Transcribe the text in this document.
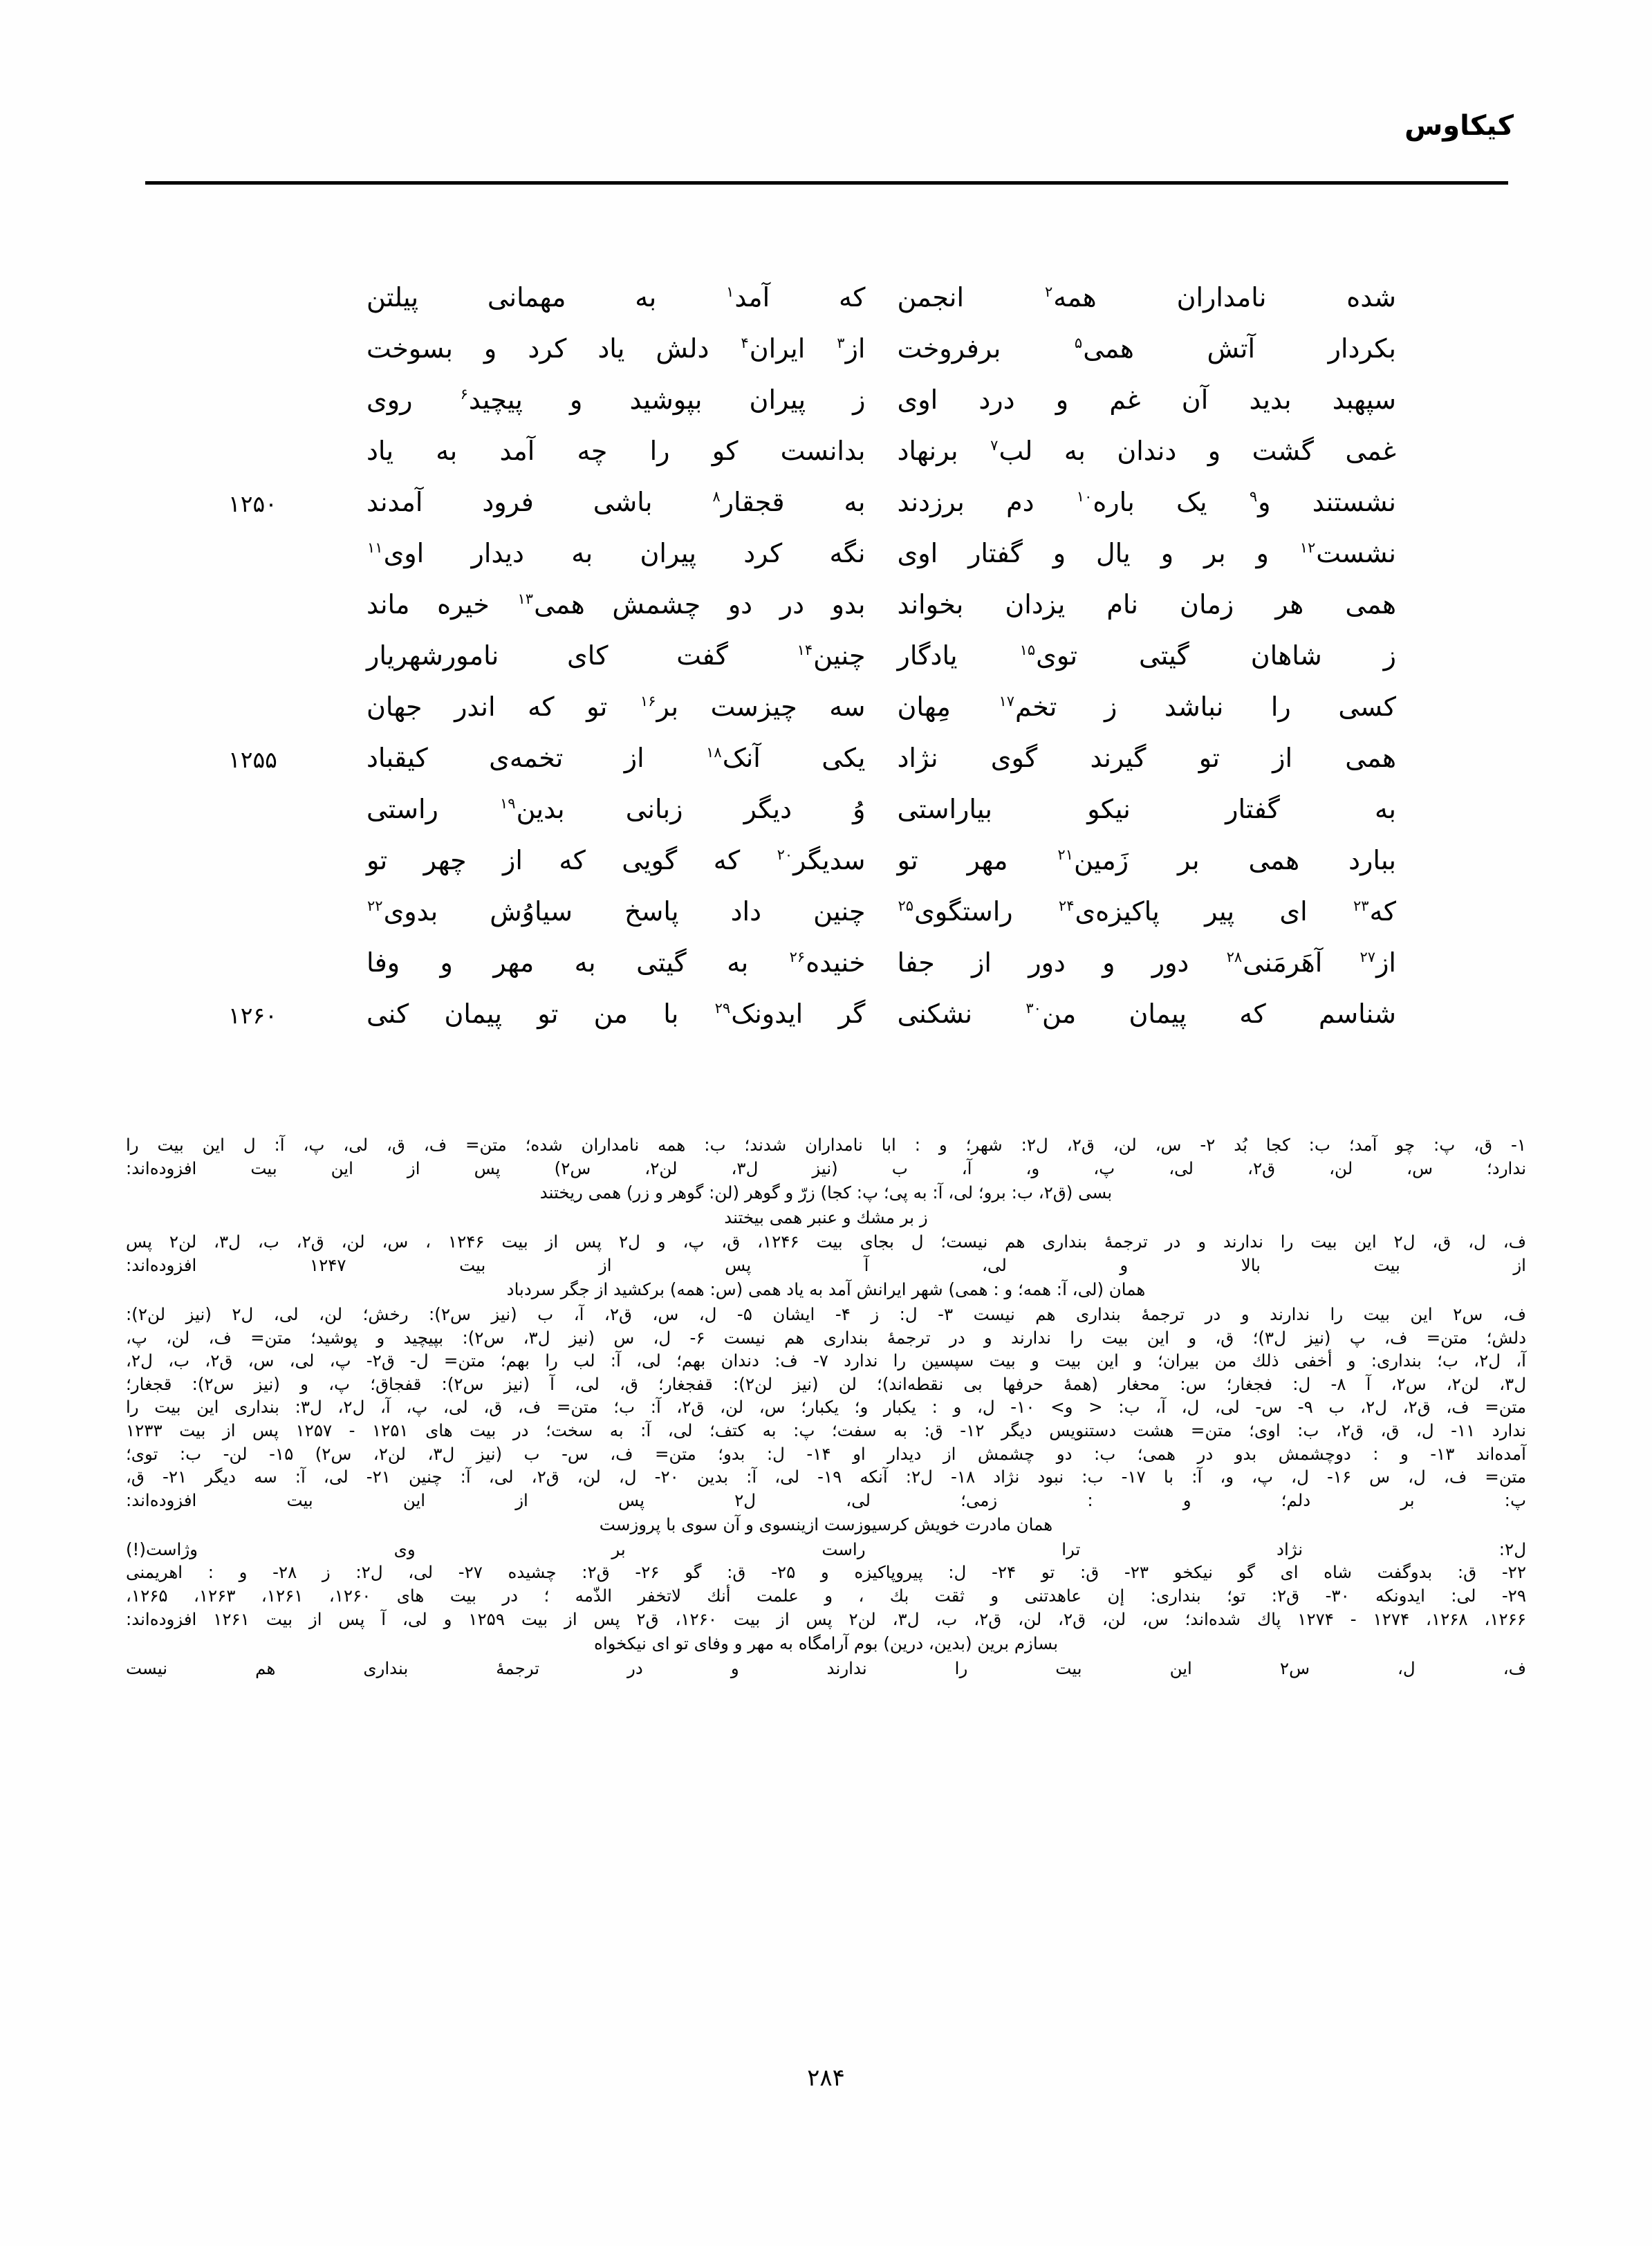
کیکاوس
شده نامداران همه$^۲$ انجمن
که آمد$^۱$ به مهمانی پیلتن
بکردار آتش همی$^۵$ برفروخت
از$^۳$ ایران$^۴$ دلش یاد کرد و بسوخت
سپهبد بدید آن غم و درد اوی
ز پیران بپوشید و پیچید$^۶$ روی
غمی گشت و دندان به لب$^۷$ برنهاد
بدانست کو را چه آمد به یاد
نشستند و$^۹$ یک باره$^{۱۰}$ دم برزدند
به قجقار$^۸$ باشی فرود آمدند
۱۲۵۰
نشست$^{۱۲}$ و بر و یال و گفتار اوی
نگه کرد پیران به دیدار اوی$^{۱۱}$
همی هر زمان نام یزدان بخواند
بدو در دو چشمش همی$^{۱۳}$ خیره ماند
ز شاهان گیتی توی$^{۱۵}$ یادگار
چنین$^{۱۴}$ گفت کای نامورشهریار
کسی را نباشد ز تخم$^{۱۷}$ مِهان
سه چیزست بر$^{۱۶}$ تو که اندر جهان
همی از تو گیرند گوی نژاد
یکی آنک$^{۱۸}$ از تخمه‌ی کیقباد
۱۲۵۵
به گفتار نیکو بیاراستی
وُ دیگر زبانی بدین$^{۱۹}$ راستی
ببارد همی بر زَمین$^{۲۱}$ مهر تو
سدیگر$^{۲۰}$ که گویی که از چهر تو
که$^{۲۳}$ ای پیر پاکیزه‌ی$^{۲۴}$ راستگوی$^{۲۵}$
چنین داد پاسخ سیاوُش بدوی$^{۲۲}$
از$^{۲۷}$ آهَرمَنی$^{۲۸}$ دور و دور از جفا
خنیده$^{۲۶}$ به گیتی به مهر و وفا
شناسم که پیمان من$^{۳۰}$ نشکنی
گر ایدونک$^{۲۹}$ با من تو پیمان کنی
۱۲۶۰
۱- ق، پ: چو آمد؛ ب: کجا بُد ۲- س، لن، ق۲، ل۲: شهر؛ و : ابا نامداران شدند؛ ب: همه نامداران شده؛ متن= ف، ق، لی، پ، آ: ل این بیت را
ندارد؛ س، لن، ق۲، لی، پ، و، آ، ب (نیز ل۳، لن۲، س۲) پس از این بیت افزوده‌اند:
بسی (ق۲، ب: برو؛ لی، آ: به پی؛ پ: کجا) زرّ و گوهر (لن: گوهر و زر) همی ریختند
ز بر مشك و عنبر همی بیختند
ف، ل، ق، ل۲ این بیت را ندارند و در ترجمهٔ بنداری هم نیست؛ ل بجای بیت ۱۲۴۶، ق، پ، و ل۲ پس از بیت ۱۲۴۶ ، س، لن، ق۲، ب، ل۳، لن۲ پس
از بیت بالا و لی، آ پس از بیت ۱۲۴۷ افزوده‌اند:
همان (لی، آ: همه؛ و : همی) شهر ایرانش آمد به یاد همی (س: همه) برکشید از جگر سردباد
ف، س۲ این بیت را ندارند و در ترجمهٔ بنداری هم نیست ۳- ل: ز ۴- ایشان ۵- ل، س، ق۲، آ، ب (نیز س۲): رخش؛ لن، لی، ل۲ (نیز لن۲):
دلش؛ متن= ف، پ (نیز ل۳)؛ ق، و این بیت را ندارند و در ترجمهٔ بنداری هم نیست ۶- ل، س (نیز ل۳، س۲): بپیچید و پوشید؛ متن= ف، لن، پ،
آ، ل۲، ب؛ بنداری: و أخفی ذلك من بیران؛ و این بیت و بیت سپسین را ندارد ۷- ف: دندان بهم؛ لی، آ: لب را بهم؛ متن= ل- ق۲- پ، لی، س، ق۲، ب، ل۲،
ل۳، لن۲، س۲، آ ۸- ل: فجغار؛ س: محغار (همهٔ حرفها بی نقطه‌اند)؛ لن (نیز لن۲): قفجغار؛ ق، لی، آ (نیز س۲): قفجاق؛ پ، و (نیز س۲): قجغار؛
متن= ف، ق۲، ل۲، ب ۹- س- لی، ل، آ، ب: < و> ۱۰- ل، و : یكبار و؛ یكبار؛ س، لن، ق۲، آ: ب؛ متن= ف، ق، لی، پ، آ، ل۲، ل۳: بنداری این بیت را
ندارد ۱۱- ل، ق، ق۲، ب: اوی؛ متن= هشت دستنویس دیگر ۱۲- ق: به سفت؛ پ: به کتف؛ لی، آ: به سخت؛ در بیت های ۱۲۵۱ - ۱۲۵۷ پس از بیت ۱۲۳۳
آمده‌اند ۱۳- و : دوچشمش بدو در همی؛ ب: دو چشمش از دیدار او ۱۴- ل: بدو؛ متن= ف، س- ب (نیز ل۳، لن۲، س۲) ۱۵- لن- ب: توی؛
متن= ف، ل، س ۱۶- ل، پ، و، آ: با ۱۷- ب: نبود نژاد ۱۸- ل۲: آنکه ۱۹- لی، آ: بدین ۲۰- ل، لن، ق۲، لی، آ: چنین ۲۱- لی، آ: سه دیگر ۲۱- ق،
پ: بر دلم؛ و : زمی؛ لی، ل۲ پس از این بیت افزوده‌اند:
همان مادرت خویش کرسیوزست ازینسوی و آن سوی با پروزست
ل۲: نژاد ترا راست بر وی وژاست(!)
۲۲- ق: بدوگفت شاه ای گو نیکخو ۲۳- ق: تو ۲۴- ل: پیروپاکیزه و ۲۵- ق: گو ۲۶- ق۲: چشیده ۲۷- لی، ل۲: ز ۲۸- و : اهریمنی
۲۹- لی: ایدونکه ۳۰- ق۲: تو؛ بنداری: إن عاهدتنی و ثقت بك ، و علمت أنك لاتخفر الذّمه ؛ در بیت های ۱۲۶۰، ۱۲۶۱، ۱۲۶۳، ۱۲۶۵،
۱۲۶۶، ۱۲۶۸، ۱۲۷۴ - ۱۲۷۴ پاك شده‌اند؛ س، لن، ق۲، لن، ق۲، ب، ل۳، لن۲ پس از بیت ۱۲۶۰، ق۲ پس از بیت ۱۲۵۹ و لی، آ پس از بیت ۱۲۶۱ افزوده‌اند:
بسازم برین (بدین، درین) بوم آرامگاه به مهر و وفای تو ای نیکخواه
ف، ل، س۲ این بیت را ندارند و در ترجمهٔ بنداری هم نیست
۲۸۴
